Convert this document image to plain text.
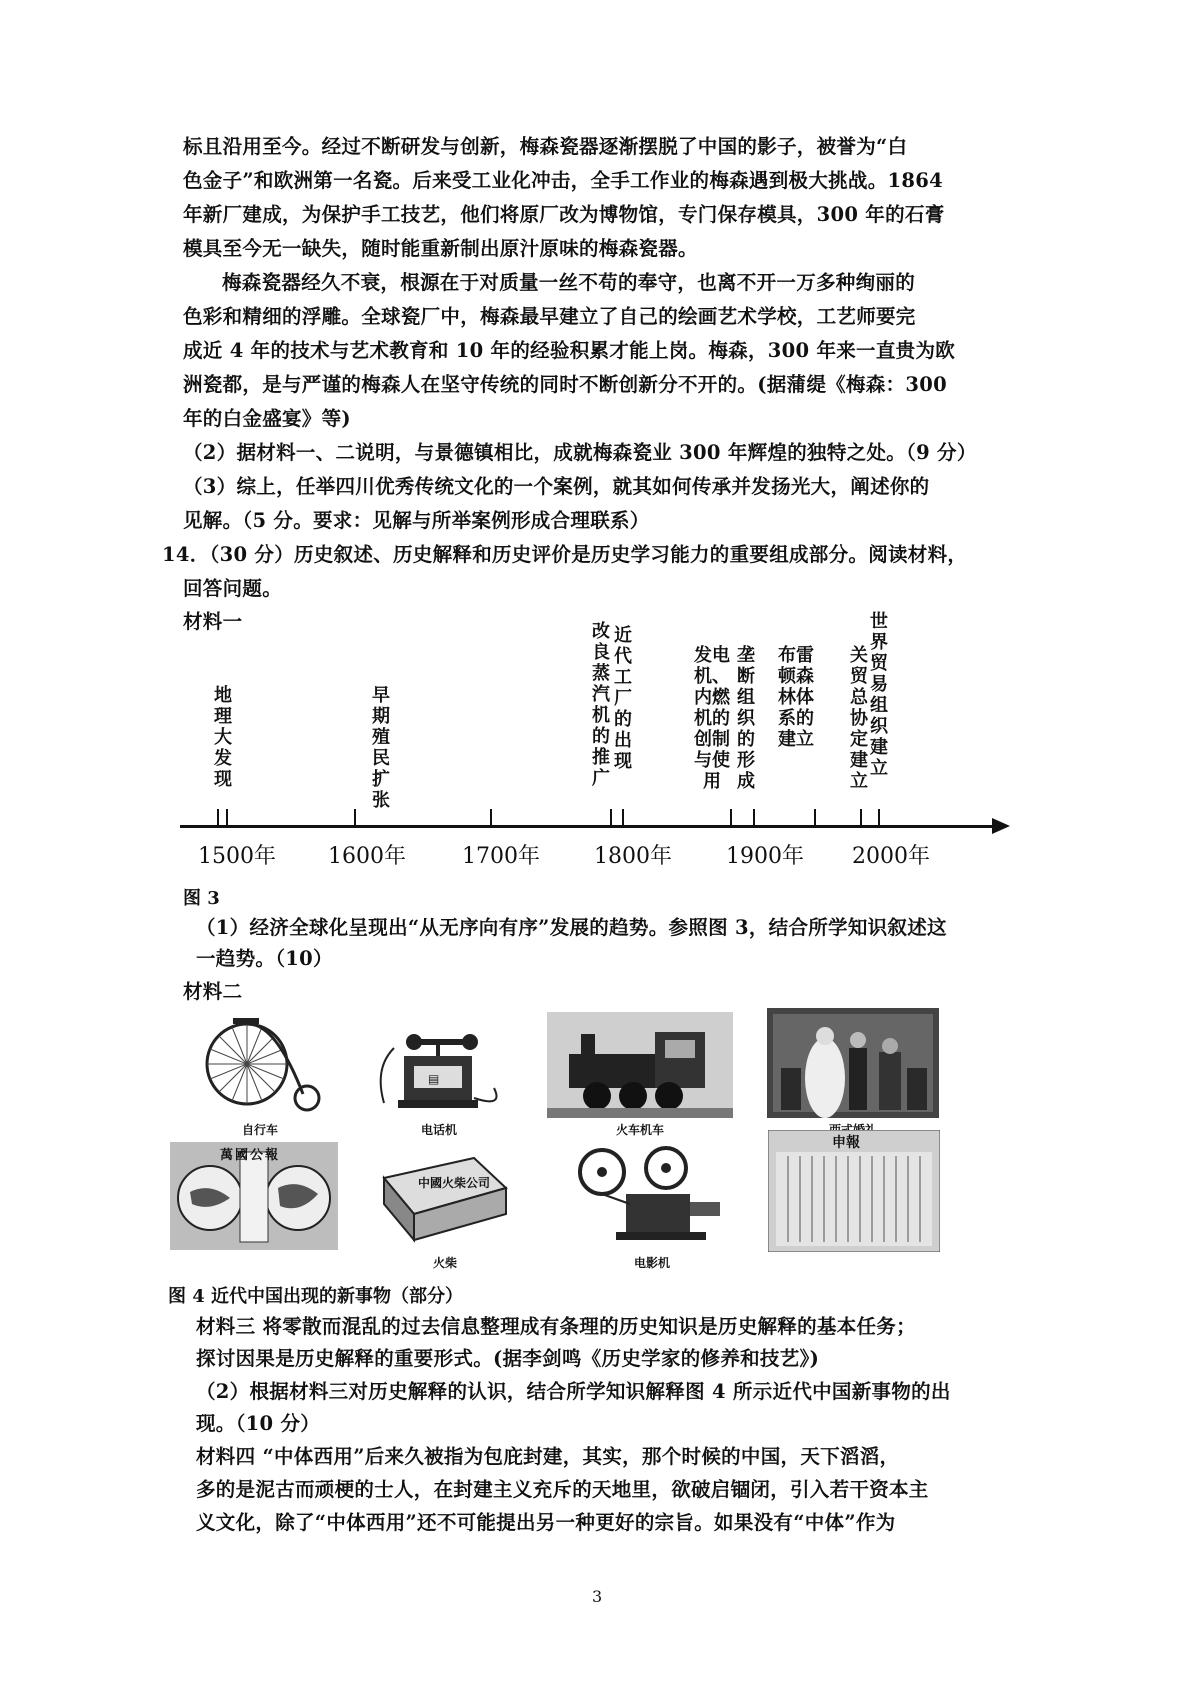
标且沿用至今。经过不断研发与创新，梅森瓷器逐渐摆脱了中国的影子，被誉为“白
色金子”和欧洲第一名瓷。后来受工业化冲击，全手工作业的梅森遇到极大挑战。1864
年新厂建成，为保护手工技艺，他们将原厂改为博物馆，专门保存模具，300 年的石膏
模具至今无一缺失，随时能重新制出原汁原味的梅森瓷器。
梅森瓷器经久不衰，根源在于对质量一丝不苟的奉守，也离不开一万多种绚丽的
色彩和精细的浮雕。全球瓷厂中，梅森最早建立了自己的绘画艺术学校，工艺师要完
成近 4 年的技术与艺术教育和 10 年的经验积累才能上岗。梅森，300 年来一直贵为欧
洲瓷都，是与严谨的梅森人在坚守传统的同时不断创新分不开的。(据蒲缇《梅森：300
年的白金盛宴》等)
（2）据材料一、二说明，与景德镇相比，成就梅森瓷业 300 年辉煌的独特之处。（9 分）
（3）综上，任举四川优秀传统文化的一个案例，就其如何传承并发扬光大，阐述你的
见解。（5 分。要求：见解与所举案例形成合理联系）
14．（30 分）历史叙述、历史解释和历史评价是历史学习能力的重要组成部分。阅读材料，
回答问题。
材料一
1500年 1600年	1700年 1800年 1900年 2000年
地理大发现
早期殖民扩张
改良蒸汽机的推广
近代工厂的出现
发电机、内燃机的创制与使用
垄断组织的形成
布雷顿森林体系的建立
关贸总协定建立
世界贸易组织建立
图 3
（1）经济全球化呈现出“从无序向有序”发展的趋势。参照图 3，结合所学知识叙述这
一趋势。（10）
材料二
自行车
▤
电话机	火车机车
萬國公報
中國火柴公司
火柴	电影机
申報
图 4 近代中国出现的新事物（部分）
材料三 将零散而混乱的过去信息整理成有条理的历史知识是历史解释的基本任务；
探讨因果是历史解释的重要形式。(据李剑鸣《历史学家的修养和技艺》)
（2）根据材料三对历史解释的认识，结合所学知识解释图 4 所示近代中国新事物的出
现。（10 分）
材料四 “中体西用”后来久被指为包庇封建，其实，那个时候的中国，天下滔滔，
多的是泥古而顽梗的士人，在封建主义充斥的天地里，欲破启锢闭，引入若干资本主
义文化，除了“中体西用”还不可能提出另一种更好的宗旨。如果没有“中体”作为
3
